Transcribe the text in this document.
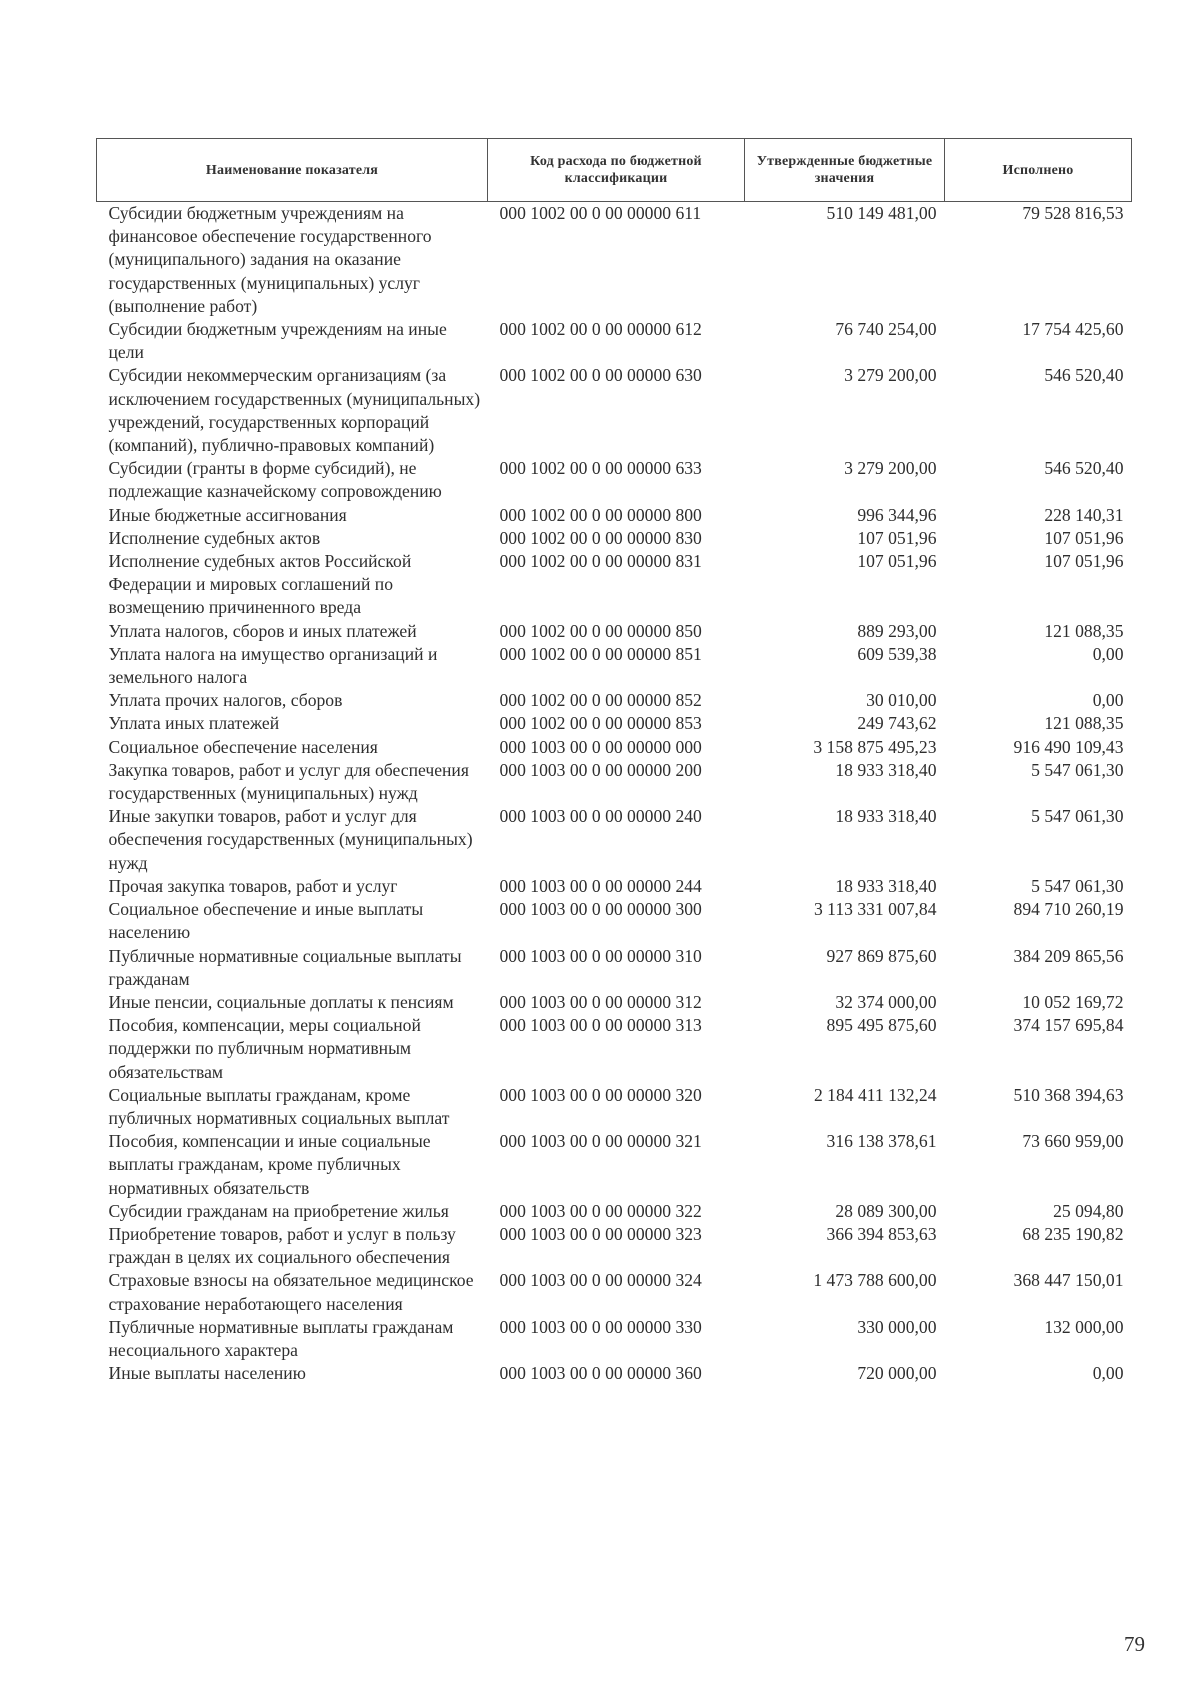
Наименование показателя	Код расхода по бюджетной классификации	Утвержденные бюджетные значения	Исполнено
Субсидии бюджетным учреждениям на финансовое обеспечение государственного (муниципального) задания на оказание государственных (муниципальных) услуг (выполнение работ)	000 1002 00 0 00 00000 611	510 149 481,00	79 528 816,53
Субсидии бюджетным учреждениям на иные цели	000 1002 00 0 00 00000 612	76 740 254,00	17 754 425,60
Субсидии некоммерческим организациям (за исключением государственных (муниципальных) учреждений, государственных корпораций (компаний), публично-правовых компаний)	000 1002 00 0 00 00000 630	3 279 200,00	546 520,40
Субсидии (гранты в форме субсидий), не подлежащие казначейскому сопровождению	000 1002 00 0 00 00000 633	3 279 200,00	546 520,40
Иные бюджетные ассигнования	000 1002 00 0 00 00000 800	996 344,96	228 140,31
Исполнение судебных актов	000 1002 00 0 00 00000 830	107 051,96	107 051,96
Исполнение судебных актов Российской Федерации и мировых соглашений по возмещению причиненного вреда	000 1002 00 0 00 00000 831	107 051,96	107 051,96
Уплата налогов, сборов и иных платежей	000 1002 00 0 00 00000 850	889 293,00	121 088,35
Уплата налога на имущество организаций и земельного налога	000 1002 00 0 00 00000 851	609 539,38	0,00
Уплата прочих налогов, сборов	000 1002 00 0 00 00000 852	30 010,00	0,00
Уплата иных платежей	000 1002 00 0 00 00000 853	249 743,62	121 088,35
Социальное обеспечение населения	000 1003 00 0 00 00000 000	3 158 875 495,23	916 490 109,43
Закупка товаров, работ и услуг для обеспечения государственных (муниципальных) нужд	000 1003 00 0 00 00000 200	18 933 318,40	5 547 061,30
Иные закупки товаров, работ и услуг для обеспечения государственных (муниципальных) нужд	000 1003 00 0 00 00000 240	18 933 318,40	5 547 061,30
Прочая закупка товаров, работ и услуг	000 1003 00 0 00 00000 244	18 933 318,40	5 547 061,30
Социальное обеспечение и иные выплаты населению	000 1003 00 0 00 00000 300	3 113 331 007,84	894 710 260,19
Публичные нормативные социальные выплаты гражданам	000 1003 00 0 00 00000 310	927 869 875,60	384 209 865,56
Иные пенсии, социальные доплаты к пенсиям	000 1003 00 0 00 00000 312	32 374 000,00	10 052 169,72
Пособия, компенсации, меры социальной поддержки по публичным нормативным обязательствам	000 1003 00 0 00 00000 313	895 495 875,60	374 157 695,84
Социальные выплаты гражданам, кроме публичных нормативных социальных выплат	000 1003 00 0 00 00000 320	2 184 411 132,24	510 368 394,63
Пособия, компенсации и иные социальные выплаты гражданам, кроме публичных нормативных обязательств	000 1003 00 0 00 00000 321	316 138 378,61	73 660 959,00
Субсидии гражданам на приобретение жилья	000 1003 00 0 00 00000 322	28 089 300,00	25 094,80
Приобретение товаров, работ и услуг в пользу граждан в целях их социального обеспечения	000 1003 00 0 00 00000 323	366 394 853,63	68 235 190,82
Страховые взносы на обязательное медицинское страхование неработающего населения	000 1003 00 0 00 00000 324	1 473 788 600,00	368 447 150,01
Публичные нормативные выплаты гражданам несоциального характера	000 1003 00 0 00 00000 330	330 000,00	132 000,00
Иные выплаты населению	000 1003 00 0 00 00000 360	720 000,00	0,00
79
